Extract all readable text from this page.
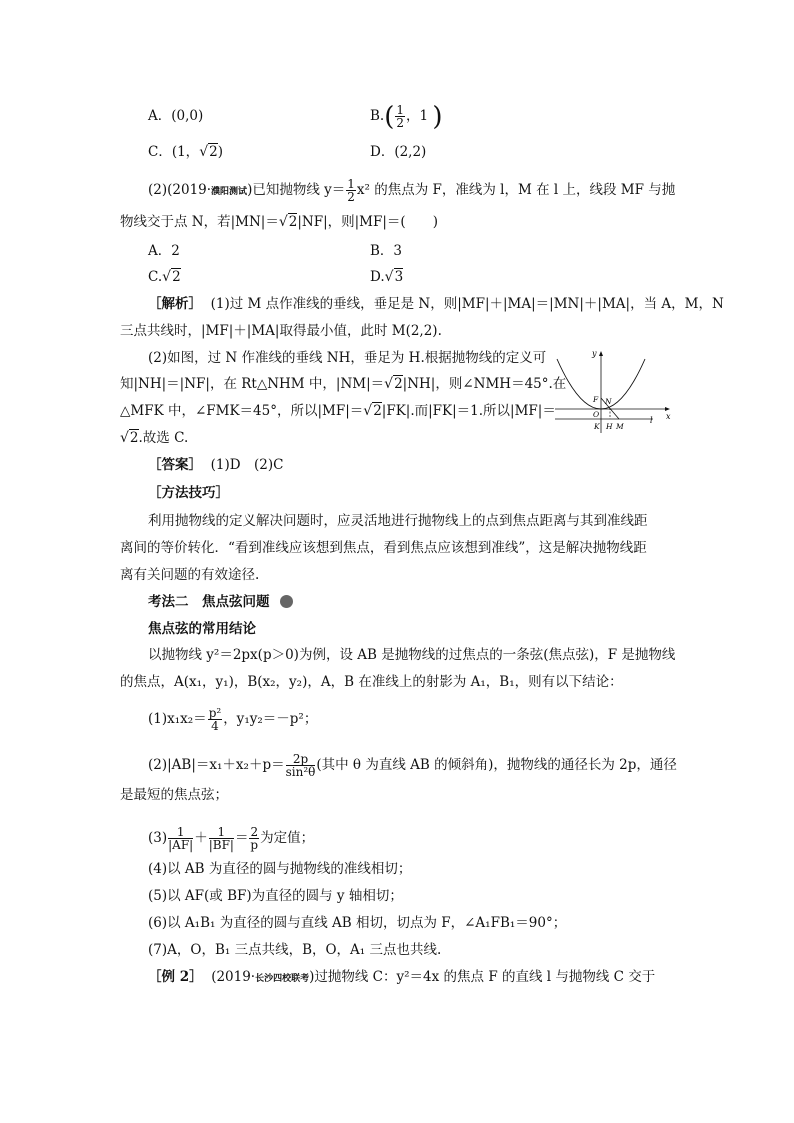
A．(0,0)	$B.( \frac{1}{2}$ ，1 )
C．(1，√2)	D．(2,2)
(2)(2019·濮阳测试)已知抛物线 $y= \frac{1}{2} x^2$ 的焦点为 F，准线为 l，M 在 l 上，线段 MF 与抛
物线交于点 N，若|MN|＝√2|NF|，则|MF|＝(　　)
A．2	B．3
C.√2	D.√3
［解析］ (1)过 M 点作准线的垂线，垂足是 N，则|MF|＋|MA|＝|MN|＋|MA|，当 A，M，N
三点共线时，|MF|＋|MA|取得最小值，此时 M(2,2).
(2)如图，过 N 作准线的垂线 NH，垂足为 H.根据抛物线的定义可
知|NH|＝|NF|，在 Rt△NHM 中，|NM|＝√2|NH|，则∠NMH＝45°.在
△MFK 中，∠FMK＝45°，所以|MF|＝√2|FK|.而|FK|＝1.所以|MF|＝
√2.故选 C.
y
x
F N
O
K H M
l
［答案］ (1)D　(2)C
［方法技巧］
利用抛物线的定义解决问题时，应灵活地进行抛物线上的点到焦点距离与其到准线距
离间的等价转化．“看到准线应该想到焦点，看到焦点应该想到准线”，这是解决抛物线距
离有关问题的有效途径.
考法二　焦点弦问题
焦点弦的常用结论
以抛物线 y²＝2px(p＞0)为例，设 AB 是抛物线的过焦点的一条弦(焦点弦)，F 是抛物线
的焦点，A(x₁，y₁)，B(x₂，y₂)，A，B 在准线上的射影为 A₁，B₁，则有以下结论：
$(1)x_1x_2= \frac{\text{p²}}{4}$ ，y₁y₂＝－p²；
$(2)|AB|=x_1+x_2+p= \frac{2p}{\text{sin²θ}}$ (其中 θ 为直线 AB 的倾斜角)，抛物线的通径长为 2p，通径
是最短的焦点弦；
$(3) \frac{1}{|AF|} + \frac{1}{|BF|} = \frac{2}{p}$ 为定值；
(4)以 AB 为直径的圆与抛物线的准线相切；
(5)以 AF(或 BF)为直径的圆与 y 轴相切；
(6)以 A₁B₁ 为直径的圆与直线 AB 相切，切点为 F，∠A₁FB₁＝90°；
(7)A，O，B₁ 三点共线，B，O，A₁ 三点也共线.
［例 2］ (2019·长沙四校联考)过抛物线 C：y²＝4x 的焦点 F 的直线 l 与抛物线 C 交于
